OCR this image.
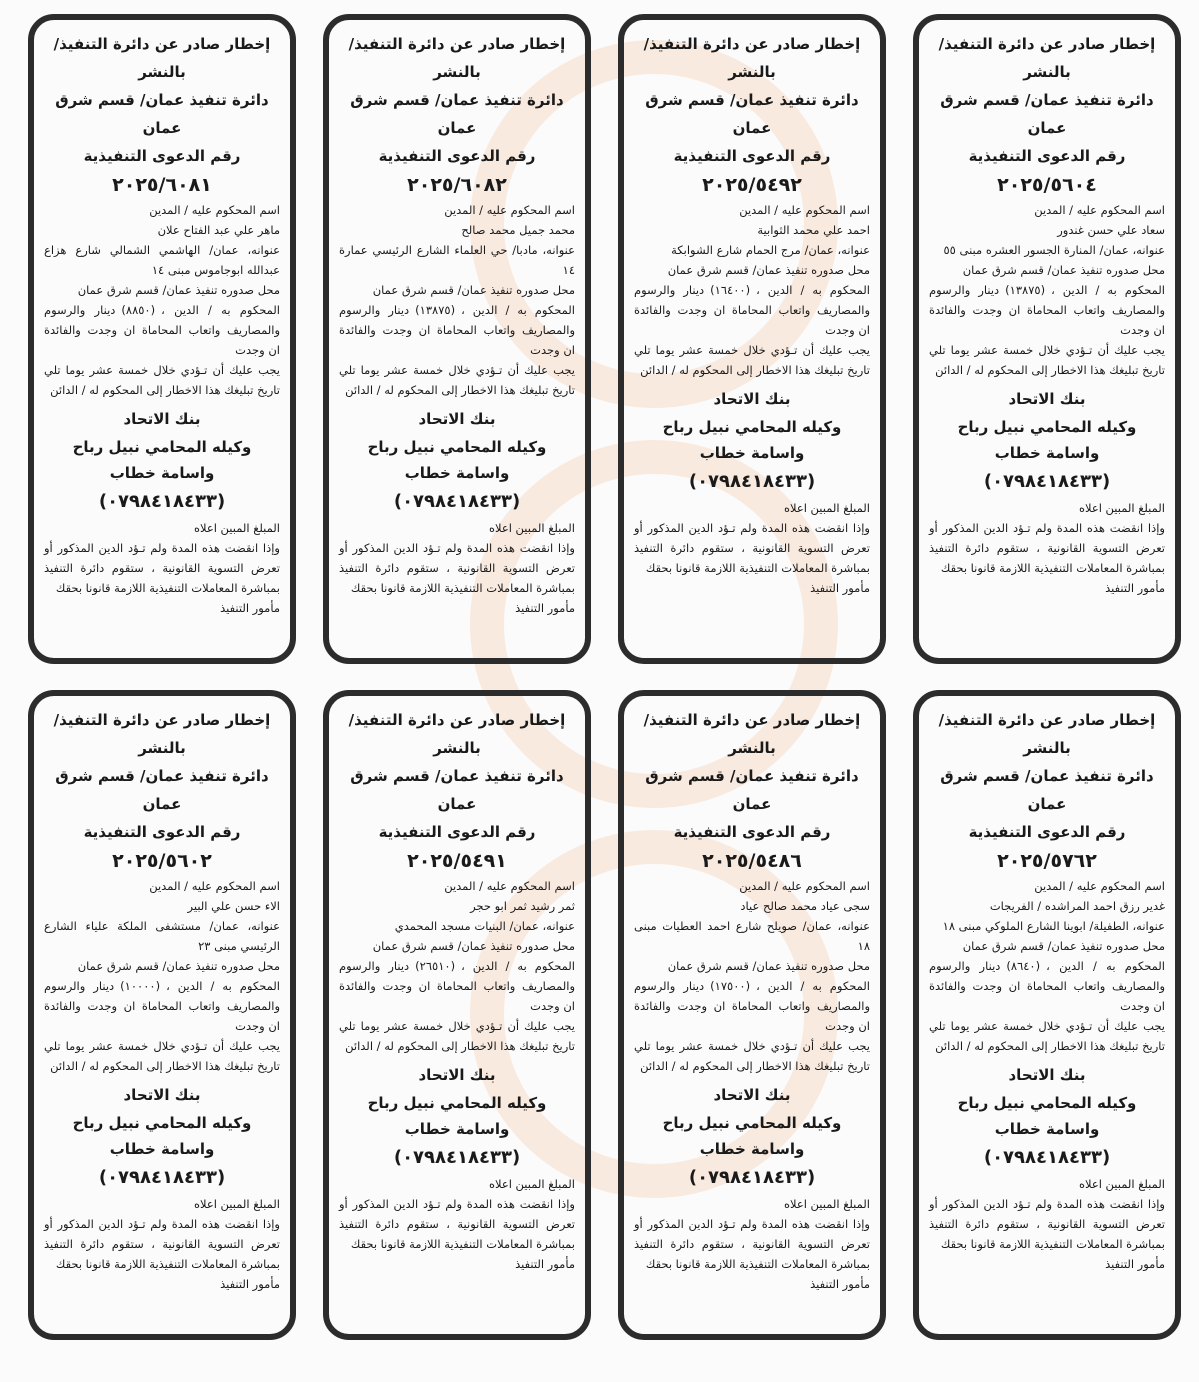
إخطار صادر عن دائرة التنفيذ/ بالنشر
دائرة تنفيذ عمان/ قسم شرق عمان
رقم الدعوى التنفيذية
٢٠٢٥/٥٦٠٤
اسم المحكوم عليه / المدين
سعاد علي حسن غندور
عنوانه، عمان/ المنارة الجسور العشره مبنى ٥٥
محل صدوره تنفيذ عمان/ قسم شرق عمان
المحكوم به / الدين ،(١٣٨٧٥)دينار والرسوم والمصاريف واتعاب المحاماة ان وجدت والفائدة ان وجدت
يجب عليك أن تـؤدي خلال خمسة عشر يوما تلي تاريخ تبليغك هذا الاخطار إلى المحكوم له / الدائن
بنك الاتحاد
وكيله المحامي نبيل رباح واسامة خطاب
(٠٧٩٨٤١٨٤٣٣)
المبلغ المبين اعلاه
وإذا انقضت هذه المدة ولم تـؤد الدين المذكور أو تعرض التسوية القانونية ، ستقوم دائرة التنفيذ بمباشرة المعاملات التنفيذية اللازمة قانونا بحقك
مأمور التنفيذ
إخطار صادر عن دائرة التنفيذ/ بالنشر
دائرة تنفيذ عمان/ قسم شرق عمان
رقم الدعوى التنفيذية
٢٠٢٥/٥٤٩٢
اسم المحكوم عليه / المدين
احمد علي محمد الثوابية
عنوانه، عمان/ مرج الحمام شارع الشوابكة
محل صدوره تنفيذ عمان/ قسم شرق عمان
المحكوم به / الدين ،(١٦٤٠٠)دينار والرسوم والمصاريف واتعاب المحاماة ان وجدت والفائدة ان وجدت
يجب عليك أن تـؤدي خلال خمسة عشر يوما تلي تاريخ تبليغك هذا الاخطار إلى المحكوم له / الدائن
بنك الاتحاد
وكيله المحامي نبيل رباح واسامة خطاب
(٠٧٩٨٤١٨٤٣٣)
المبلغ المبين اعلاه
وإذا انقضت هذه المدة ولم تـؤد الدين المذكور أو تعرض التسوية القانونية ، ستقوم دائرة التنفيذ بمباشرة المعاملات التنفيذية اللازمة قانونا بحقك
مأمور التنفيذ
إخطار صادر عن دائرة التنفيذ/ بالنشر
دائرة تنفيذ عمان/ قسم شرق عمان
رقم الدعوى التنفيذية
٢٠٢٥/٦٠٨٢
اسم المحكوم عليه / المدين
محمد جميل محمد صالح
عنوانه، مادبا/ حي العلماء الشارع الرئيسي عمارة ١٤
محل صدوره تنفيذ عمان/ قسم شرق عمان
المحكوم به / الدين ،(١٣٨٧٥)دينار والرسوم والمصاريف واتعاب المحاماة ان وجدت والفائدة ان وجدت
يجب عليك أن تـؤدي خلال خمسة عشر يوما تلي تاريخ تبليغك هذا الاخطار إلى المحكوم له / الدائن
بنك الاتحاد
وكيله المحامي نبيل رباح واسامة خطاب
(٠٧٩٨٤١٨٤٣٣)
المبلغ المبين اعلاه
وإذا انقضت هذه المدة ولم تـؤد الدين المذكور أو تعرض التسوية القانونية ، ستقوم دائرة التنفيذ بمباشرة المعاملات التنفيذية اللازمة قانونا بحقك
مأمور التنفيذ
إخطار صادر عن دائرة التنفيذ/ بالنشر
دائرة تنفيذ عمان/ قسم شرق عمان
رقم الدعوى التنفيذية
٢٠٢٥/٦٠٨١
اسم المحكوم عليه / المدين
ماهر علي عبد الفتاح علان
عنوانه، عمان/ الهاشمي الشمالي شارع هزاع عبدالله ابوجاموس مبنى ١٤
محل صدوره تنفيذ عمان/ قسم شرق عمان
المحكوم به / الدين ،(٨٨٥٠)دينار والرسوم والمصاريف واتعاب المحاماة ان وجدت والفائدة ان وجدت
يجب عليك أن تـؤدي خلال خمسة عشر يوما تلي تاريخ تبليغك هذا الاخطار إلى المحكوم له / الدائن
بنك الاتحاد
وكيله المحامي نبيل رباح واسامة خطاب
(٠٧٩٨٤١٨٤٣٣)
المبلغ المبين اعلاه
وإذا انقضت هذه المدة ولم تـؤد الدين المذكور أو تعرض التسوية القانونية ، ستقوم دائرة التنفيذ بمباشرة المعاملات التنفيذية اللازمة قانونا بحقك
مأمور التنفيذ
إخطار صادر عن دائرة التنفيذ/ بالنشر
دائرة تنفيذ عمان/ قسم شرق عمان
رقم الدعوى التنفيذية
٢٠٢٥/٥٧٦٢
اسم المحكوم عليه / المدين
غدير رزق احمد المراشده / الفريجات
عنوانه، الطفيلة/ ابوينا الشارع الملوكي مبنى ١٨
محل صدوره تنفيذ عمان/ قسم شرق عمان
المحكوم به / الدين ،(٨٦٤٠)دينار والرسوم والمصاريف واتعاب المحاماة ان وجدت والفائدة ان وجدت
يجب عليك أن تـؤدي خلال خمسة عشر يوما تلي تاريخ تبليغك هذا الاخطار إلى المحكوم له / الدائن
بنك الاتحاد
وكيله المحامي نبيل رباح واسامة خطاب
(٠٧٩٨٤١٨٤٣٣)
المبلغ المبين اعلاه
وإذا انقضت هذه المدة ولم تـؤد الدين المذكور أو تعرض التسوية القانونية ، ستقوم دائرة التنفيذ بمباشرة المعاملات التنفيذية اللازمة قانونا بحقك
مأمور التنفيذ
إخطار صادر عن دائرة التنفيذ/ بالنشر
دائرة تنفيذ عمان/ قسم شرق عمان
رقم الدعوى التنفيذية
٢٠٢٥/٥٤٨٦
اسم المحكوم عليه / المدين
سجى عياد محمد صالح عياد
عنوانه، عمان/ صويلح شارع احمد العطيات مبنى ١٨
محل صدوره تنفيذ عمان/ قسم شرق عمان
المحكوم به / الدين ،(١٧٥٠٠)دينار والرسوم والمصاريف واتعاب المحاماة ان وجدت والفائدة ان وجدت
يجب عليك أن تـؤدي خلال خمسة عشر يوما تلي تاريخ تبليغك هذا الاخطار إلى المحكوم له / الدائن
بنك الاتحاد
وكيله المحامي نبيل رباح واسامة خطاب
(٠٧٩٨٤١٨٤٣٣)
المبلغ المبين اعلاه
وإذا انقضت هذه المدة ولم تـؤد الدين المذكور أو تعرض التسوية القانونية ، ستقوم دائرة التنفيذ بمباشرة المعاملات التنفيذية اللازمة قانونا بحقك
مأمور التنفيذ
إخطار صادر عن دائرة التنفيذ/ بالنشر
دائرة تنفيذ عمان/ قسم شرق عمان
رقم الدعوى التنفيذية
٢٠٢٥/٥٤٩١
اسم المحكوم عليه / المدين
ثمر رشيد ثمر ابو حجر
عنوانه، عمان/ البنيات مسجد المحمدي
محل صدوره تنفيذ عمان/ قسم شرق عمان
المحكوم به / الدين ،(٢٦٥١٠)دينار والرسوم والمصاريف واتعاب المحاماة ان وجدت والفائدة ان وجدت
يجب عليك أن تـؤدي خلال خمسة عشر يوما تلي تاريخ تبليغك هذا الاخطار إلى المحكوم له / الدائن
بنك الاتحاد
وكيله المحامي نبيل رباح واسامة خطاب
(٠٧٩٨٤١٨٤٣٣)
المبلغ المبين اعلاه
وإذا انقضت هذه المدة ولم تـؤد الدين المذكور أو تعرض التسوية القانونية ، ستقوم دائرة التنفيذ بمباشرة المعاملات التنفيذية اللازمة قانونا بحقك
مأمور التنفيذ
إخطار صادر عن دائرة التنفيذ/ بالنشر
دائرة تنفيذ عمان/ قسم شرق عمان
رقم الدعوى التنفيذية
٢٠٢٥/٥٦٠٢
اسم المحكوم عليه / المدين
الاء حسن علي البير
عنوانه، عمان/ مستشفى الملكة علياء الشارع الرئيسي مبنى ٢٣
محل صدوره تنفيذ عمان/ قسم شرق عمان
المحكوم به / الدين ،(١٠٠٠٠)دينار والرسوم والمصاريف واتعاب المحاماة ان وجدت والفائدة ان وجدت
يجب عليك أن تـؤدي خلال خمسة عشر يوما تلي تاريخ تبليغك هذا الاخطار إلى المحكوم له / الدائن
بنك الاتحاد
وكيله المحامي نبيل رباح واسامة خطاب
(٠٧٩٨٤١٨٤٣٣)
المبلغ المبين اعلاه
وإذا انقضت هذه المدة ولم تـؤد الدين المذكور أو تعرض التسوية القانونية ، ستقوم دائرة التنفيذ بمباشرة المعاملات التنفيذية اللازمة قانونا بحقك
مأمور التنفيذ
